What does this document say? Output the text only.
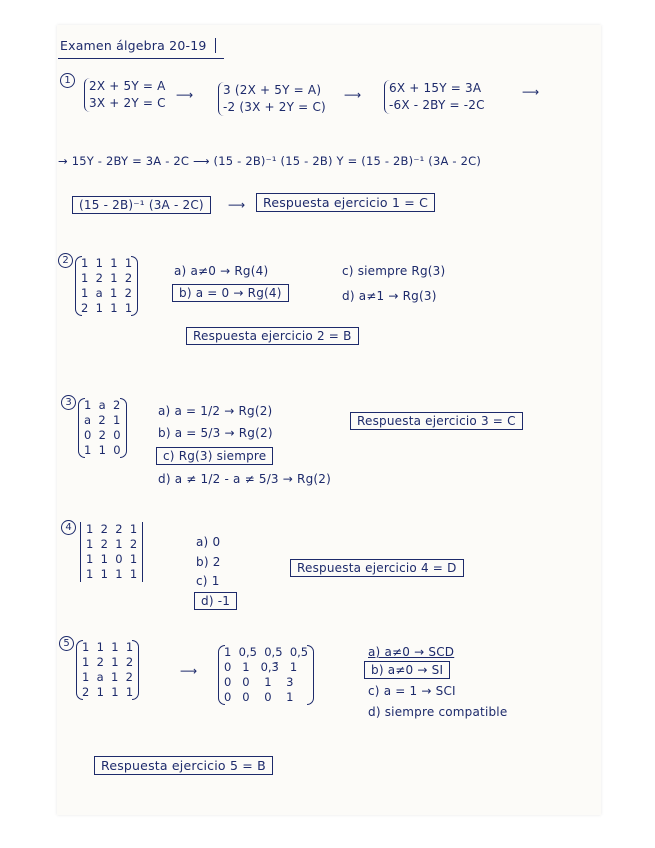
Examen álgebra 20-19
1	2X + 5Y = A
3X + 2Y = C
⟶ 3 (2X + 5Y = A)
-2 (3X + 2Y = C)
⟶ 6X + 15Y = 3A
-6X - 2BY = -2C
⟶
→ 15Y - 2BY = 3A - 2C ⟶ (15 - 2B)⁻¹ (15 - 2B) Y = (15 - 2B)⁻¹ (3A - 2C)
(15 - 2B)⁻¹ (3A - 2C)	⟶	Respuesta ejercicio 1 = C
2	1  1  1  1
1  2  1  2
1  a  1  2
2  1  1  1
a) a≠0 → Rg(4)
b) a = 0 → Rg(4)
c) siempre Rg(3)
d) a≠1 → Rg(3)
Respuesta ejercicio 2 = B
3	1  a  2
a  2  1
0  2  0
1  1  0
a) a = 1/2 → Rg(2)
b) a = 5/3 → Rg(2)
c) Rg(3) siempre
d) a ≠ 1/2 - a ≠ 5/3 → Rg(2)
Respuesta ejercicio 3 = C
4	1  2  2  1
1  2  1  2
1  1  0  1
1  1  1  1
a) 0
b) 2
c) 1
d) -1
Respuesta ejercicio 4 = D
5	1  1  1  1
1  2  1  2
1  a  1  2
2  1  1  1
⟶
1  0,5  0,5  0,5
0   1   0,3̄   1
0   0    1    3
0   0    0    1
a) a≠0 → SCD
b) a≠0 → SI
c) a = 1 → SCI
d) siempre compatible
Respuesta ejercicio 5 = B
